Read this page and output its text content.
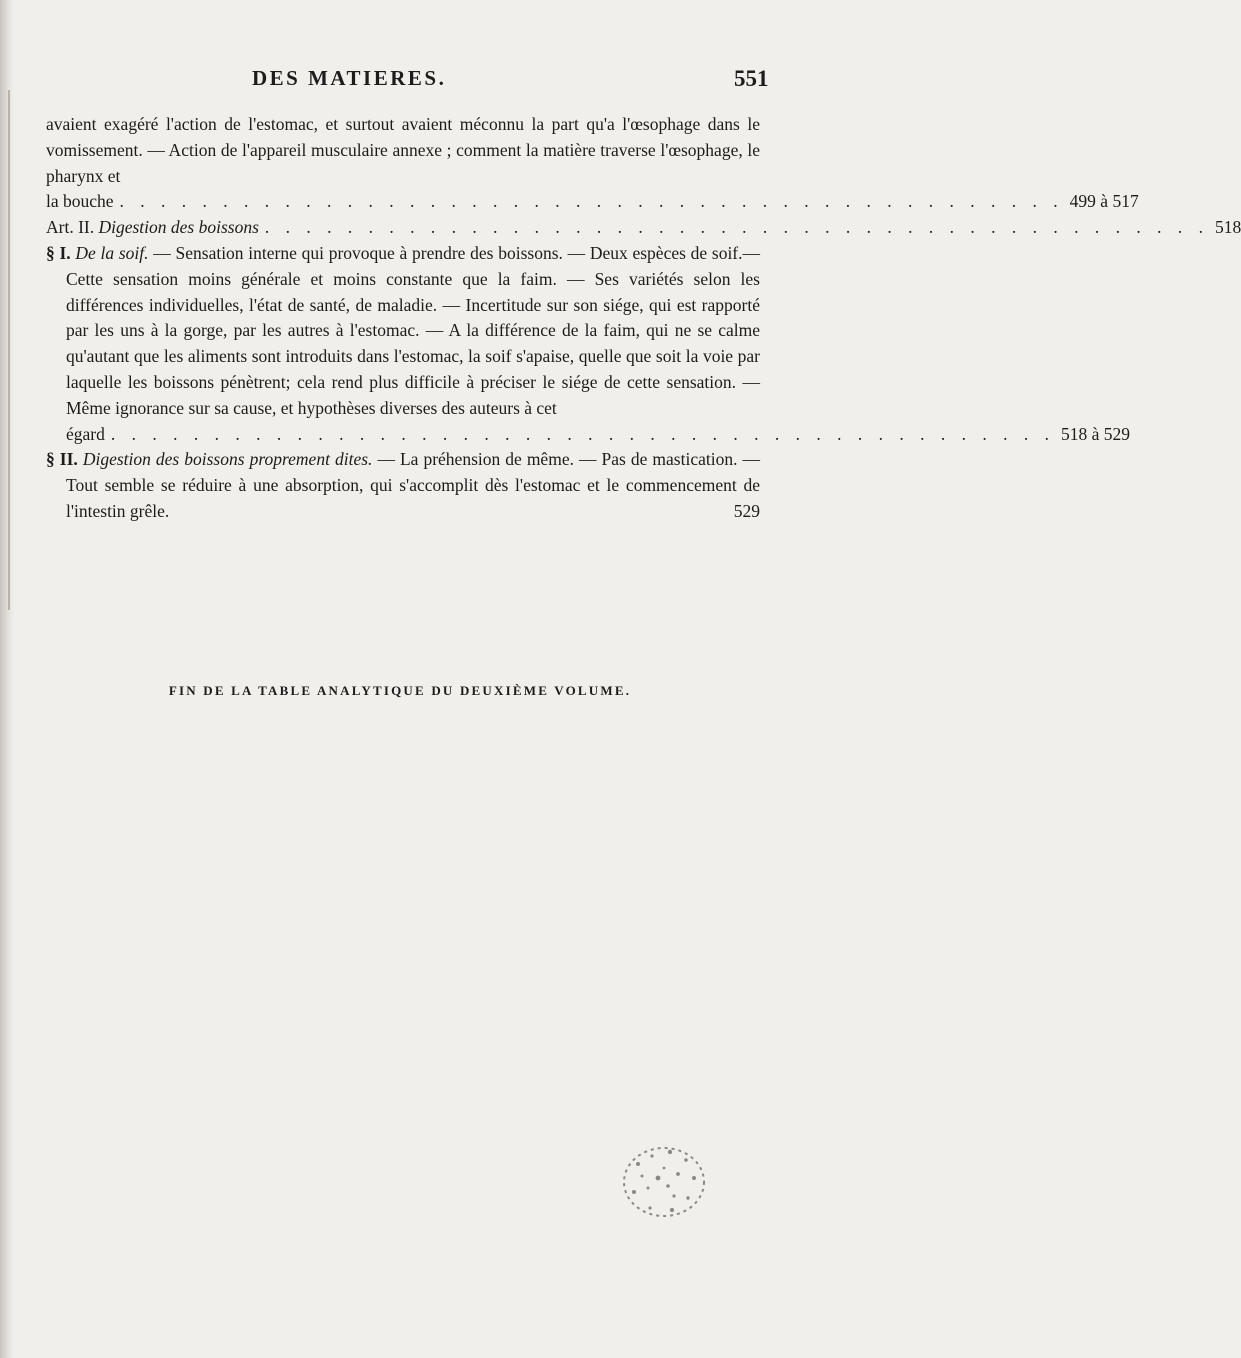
DES MATIERES.	551

avaient exagéré l'action de l'estomac, et surtout avaient méconnu la part qu'a l'œsophage dans le vomissement. — Action de l'appareil musculaire annexe ; comment la matière traverse l'œsophage, le pharynx et

la bouche . . . . . . . . . . . . . . . . . . . . . . . . . . . . . . . . . . . . . . . . . . . . . . 499 à 517
Art. II. Digestion des boissons . . . . . . . . . . . . . . . . . . . . . . . . . . . . . . . . . . . . . . . . . . . . . . 518

§ I. De la soif. — Sensation interne qui provoque à prendre des boissons. — Deux espèces de soif.—Cette sensation moins générale et moins constante que la faim. — Ses variétés selon les différences individuelles, l'état de santé, de maladie. — Incertitude sur son siége, qui est rapporté par les uns à la gorge, par les autres à l'estomac. — A la différence de la faim, qui ne se calme qu'autant que les aliments sont introduits dans l'estomac, la soif s'apaise, quelle que soit la voie par laquelle les boissons pénètrent; cela rend plus difficile à préciser le siége de cette sensation. — Même ignorance sur sa cause, et hypothèses diverses des auteurs à cet

égard . . . . . . . . . . . . . . . . . . . . . . . . . . . . . . . . . . . . . . . . . . . . . . 518 à 529

§ II. Digestion des boissons proprement dites. — La préhension de même. — Pas de mastication. — Tout semble se réduire à une absorption, qui s'accomplit dès l'estomac et le commencement de l'intestin grêle.	529

FIN DE LA TABLE ANALYTIQUE DU DEUXIÈME VOLUME.
